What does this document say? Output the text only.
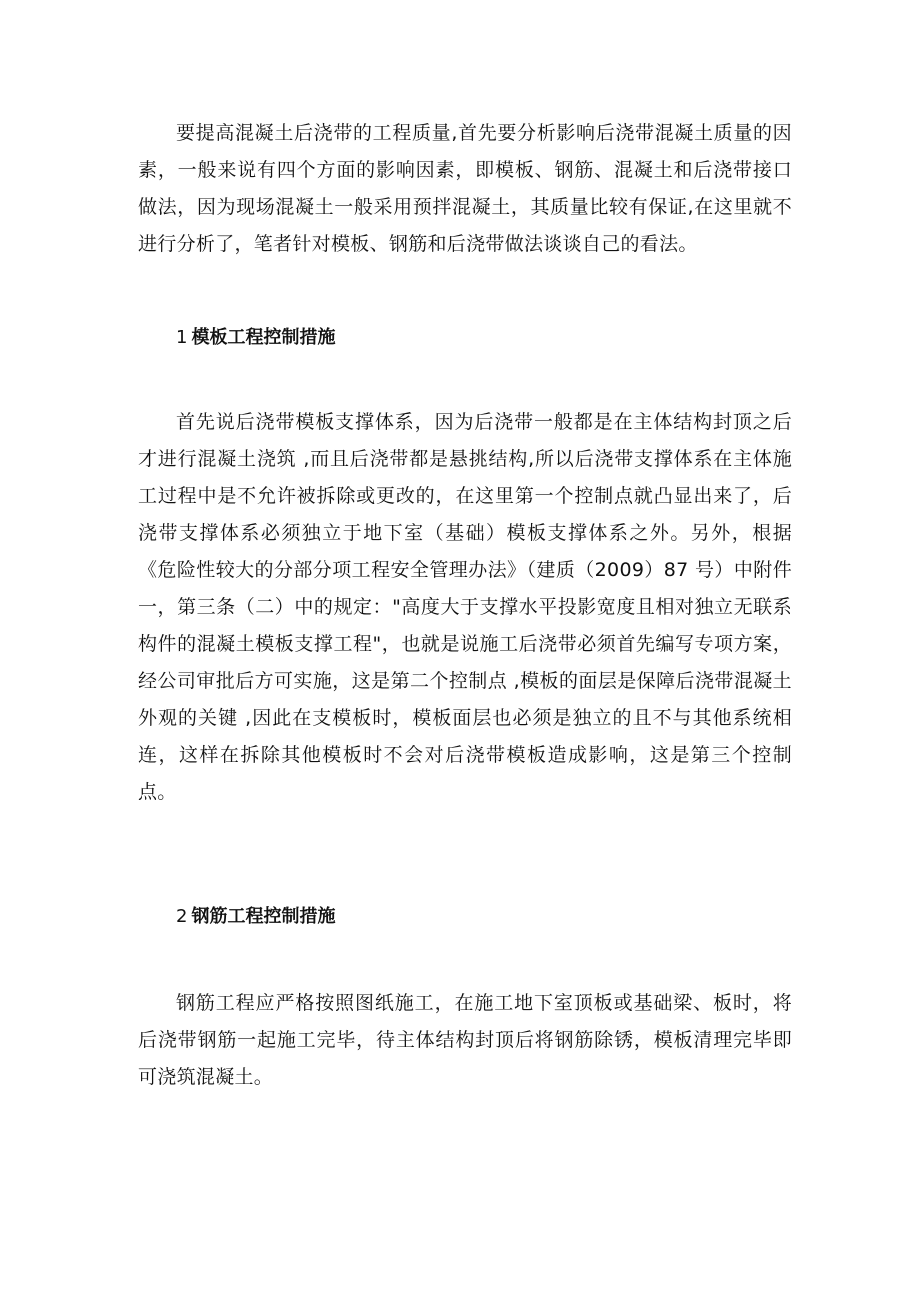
要提高混凝土后浇带的工程质量,首先要分析影响后浇带混凝土质量的因素，一般来说有四个方面的影响因素，即模板、钢筋、混凝土和后浇带接口做法，因为现场混凝土一般采用预拌混凝土，其质量比较有保证,在这里就不进行分析了，笔者针对模板、钢筋和后浇带做法谈谈自己的看法。

1 模板工程控制措施

首先说后浇带模板支撑体系，因为后浇带一般都是在主体结构封顶之后才进行混凝土浇筑 ,而且后浇带都是悬挑结构,所以后浇带支撑体系在主体施工过程中是不允许被拆除或更改的，在这里第一个控制点就凸显出来了，后浇带支撑体系必须独立于地下室（基础）模板支撑体系之外。另外，根据《危险性较大的分部分项工程安全管理办法》（建质（2009）87 号）中附件一，第三条（二）中的规定："高度大于支撑水平投影宽度且相对独立无联系构件的混凝土模板支撑工程"，也就是说施工后浇带必须首先编写专项方案，经公司审批后方可实施，这是第二个控制点 ,模板的面层是保障后浇带混凝土外观的关键 ,因此在支模板时，模板面层也必须是独立的且不与其他系统相连，这样在拆除其他模板时不会对后浇带模板造成影响，这是第三个控制点。

2 钢筋工程控制措施

钢筋工程应严格按照图纸施工，在施工地下室顶板或基础梁、板时，将后浇带钢筋一起施工完毕，待主体结构封顶后将钢筋除锈，模板清理完毕即可浇筑混凝土。
